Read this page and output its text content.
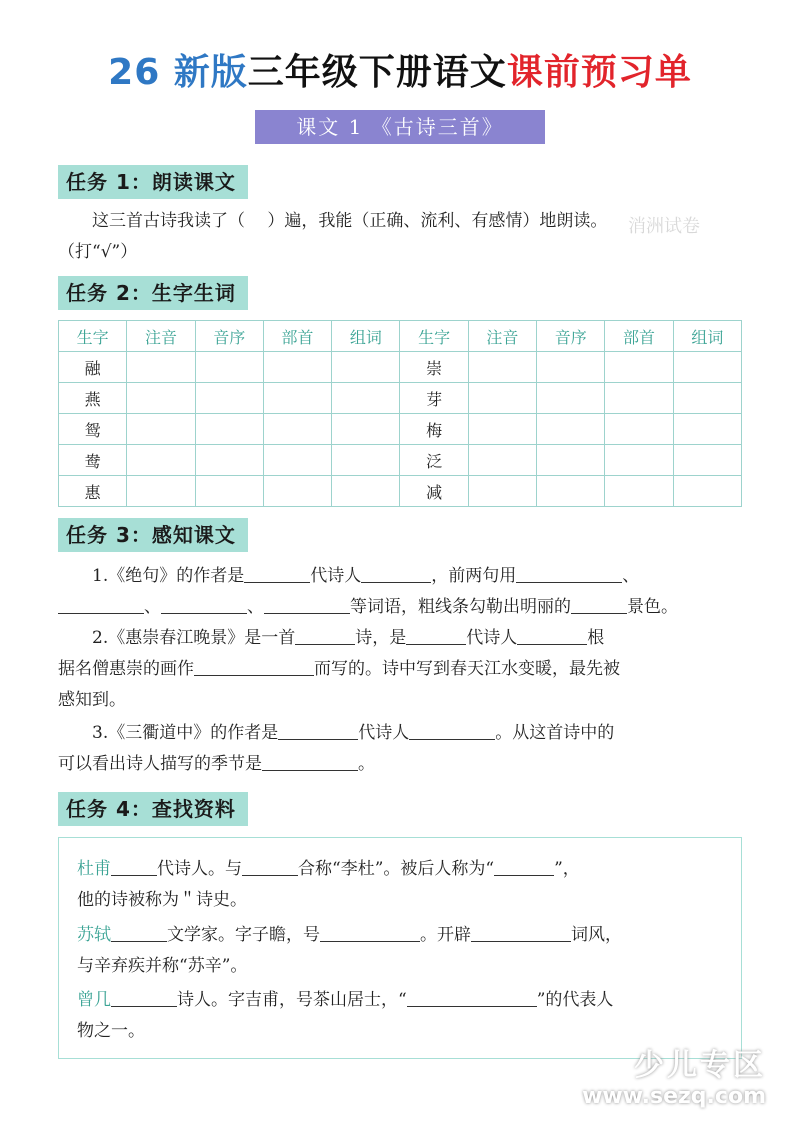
26 新版三年级下册语文课前预习单
课文 1 《古诗三首》
任务 1：朗读课文
这三首古诗我读了（　 ）遍，我能（正确、流利、有感情）地朗读。
（打“√”）
消洲试卷
任务 2：生字生词
生字	注音	音序	部首	组词	生字	注音	音序	部首	组词
融					崇				
燕					芽				
鸳					梅				
鸯					泛				
惠					减				
任务 3：感知课文
1.《绝句》的作者是	代诗人	，前两句用	、
、	、	等词语，粗线条勾勒出明丽的	景色。
2.《惠崇春江晚景》是一首	诗，是	代诗人	根
据名僧惠崇的画作	而写的。诗中写到春天江水变暖，最先被
感知到。
3.《三衢道中》的作者是	代诗人	。从这首诗中的
可以看出诗人描写的季节是	。
任务 4：查找资料
杜甫	代诗人。与	合称“李杜”。被后人称为“	”，
他的诗被称为＂诗史。
苏轼	文学家。字子瞻，号	。开辟	词风，
与辛弃疾并称“苏辛”。
曾几	诗人。字吉甫，号茶山居士，“	”的代表人
物之一。
少儿专区
www.sezq.com
